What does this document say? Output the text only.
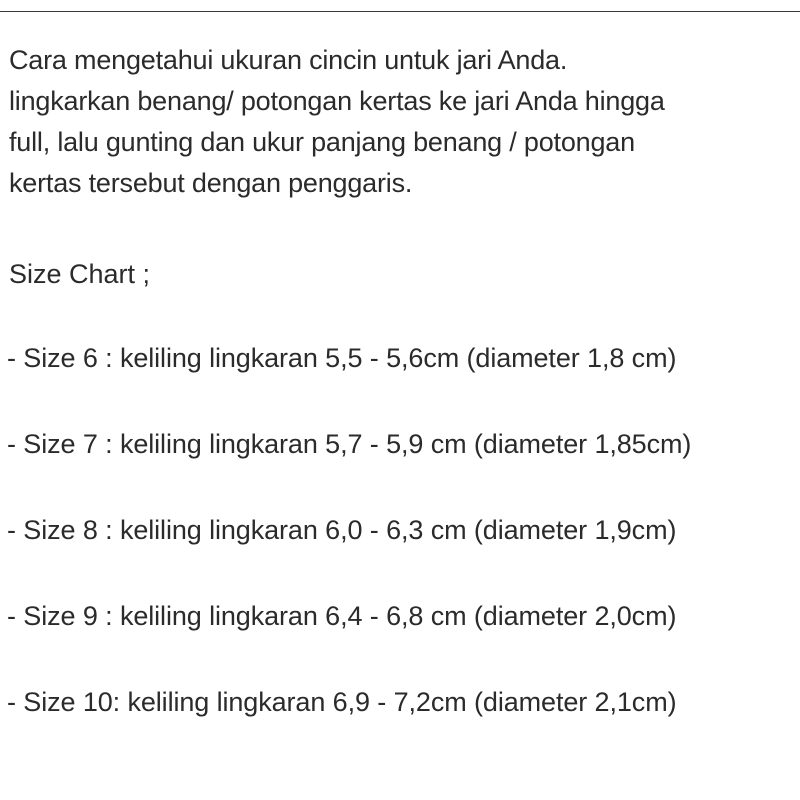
Cara mengetahui ukuran cincin untuk jari Anda.

lingkarkan benang/ potongan kertas ke jari Anda hingga

full, lalu gunting dan ukur panjang benang / potongan

kertas tersebut dengan penggaris.

Size Chart ;

- Size 6 : keliling lingkaran 5,5 - 5,6cm (diameter 1,8 cm)

- Size 7 : keliling lingkaran 5,7 - 5,9 cm (diameter 1,85cm)

- Size 8 : keliling lingkaran 6,0 - 6,3 cm (diameter 1,9cm)

- Size 9 : keliling lingkaran 6,4 - 6,8 cm (diameter 2,0cm)

- Size 10: keliling lingkaran 6,9 - 7,2cm (diameter 2,1cm)
